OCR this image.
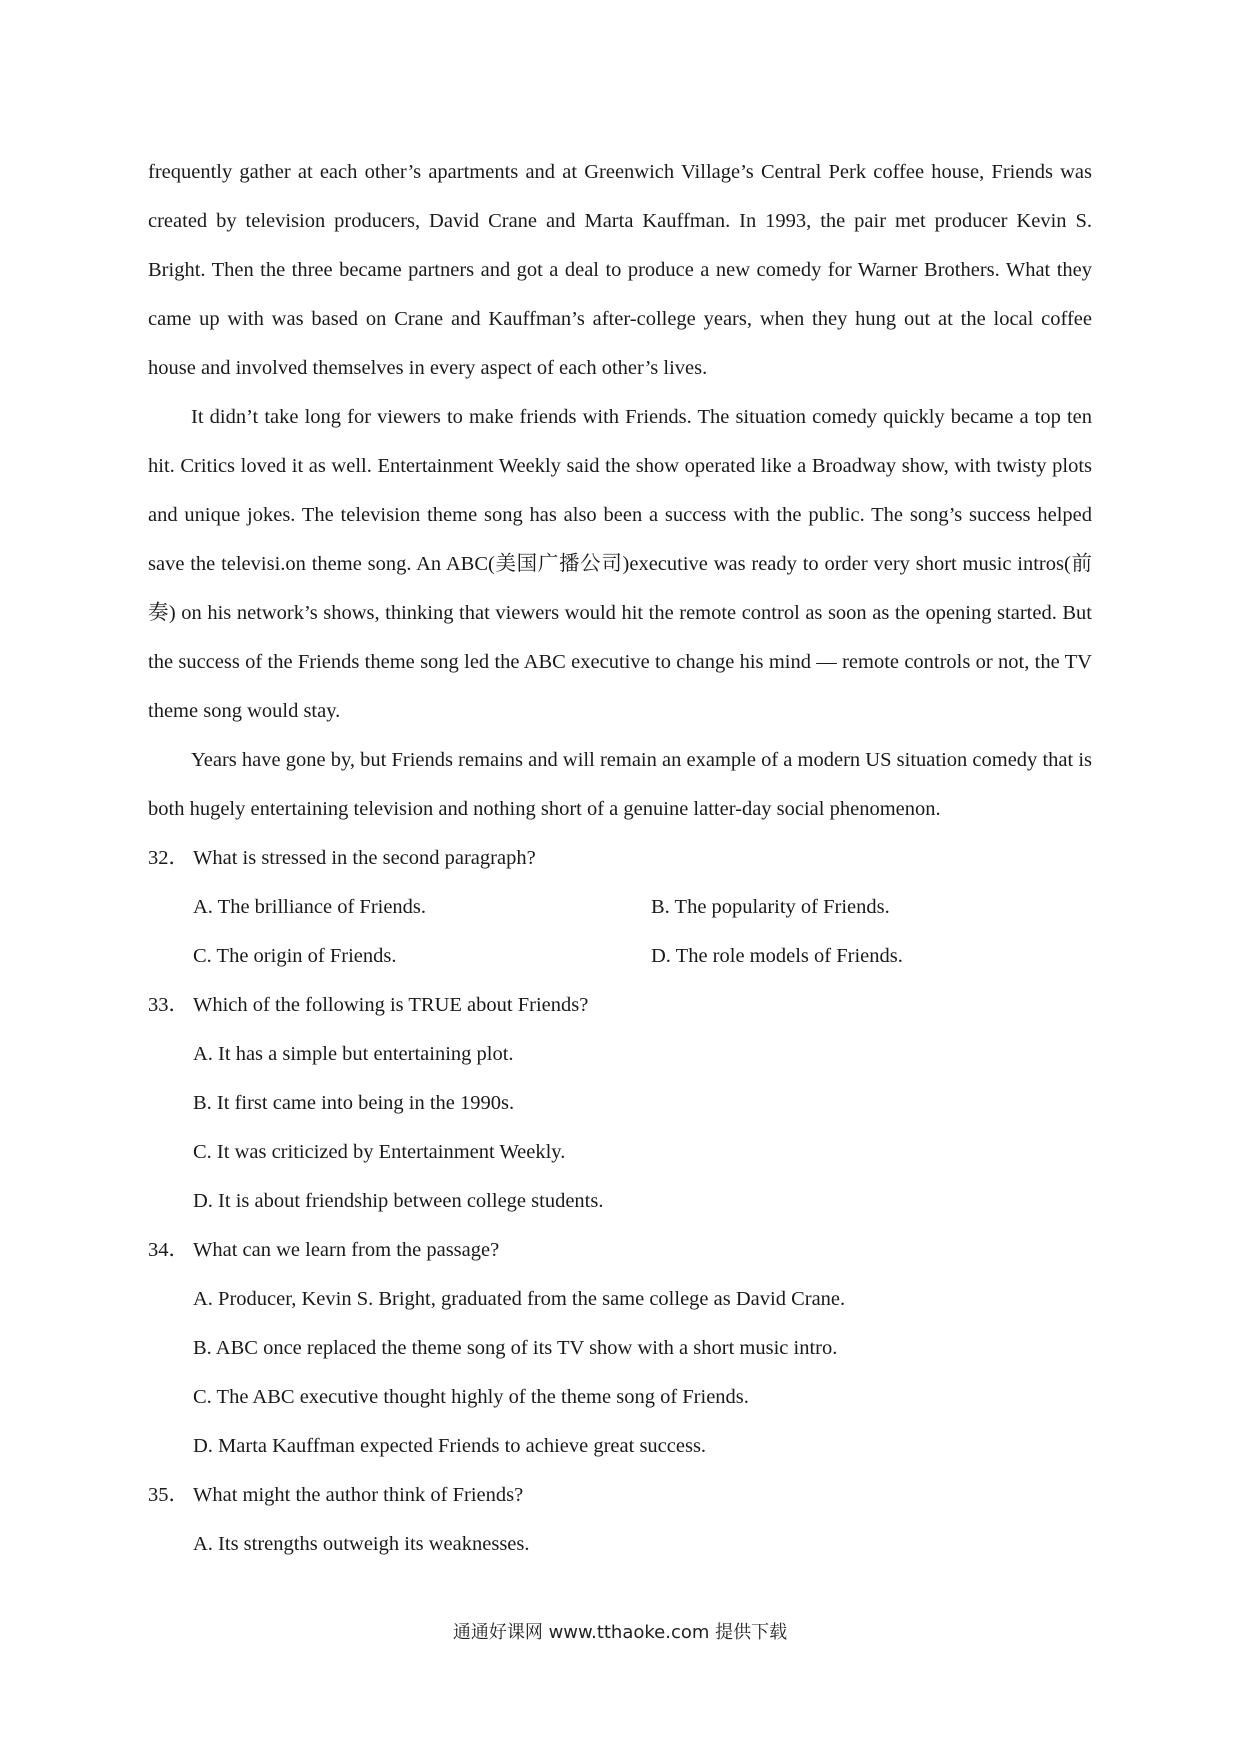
frequently gather at each other’s apartments and at Greenwich Village’s Central Perk coffee house, Friends was created by television producers, David Crane and Marta Kauffman. In 1993, the pair met producer Kevin S. Bright. Then the three became partners and got a deal to produce a new comedy for Warner Brothers. What they came up with was based on Crane and Kauffman’s after-college years, when they hung out at the local coffee house and involved themselves in every aspect of each other’s lives.

It didn’t take long for viewers to make friends with Friends. The situation comedy quickly became a top ten hit. Critics loved it as well. Entertainment Weekly said the show operated like a Broadway show, with twisty plots and unique jokes. The television theme song has also been a success with the public. The song’s success helped save the televisi.on theme song. An ABC(美国广播公司)executive was ready to order very short music intros(前奏) on his network’s shows, thinking that viewers would hit the remote control as soon as the opening started. But the success of the Friends theme song led the ABC executive to change his mind — remote controls or not, the TV theme song would stay.

Years have gone by, but Friends remains and will remain an example of a modern US situation comedy that is both hugely entertaining television and nothing short of a genuine latter-day social phenomenon.

32． What is stressed in the second paragraph?
A. The brilliance of Friends.	B. The popularity of Friends.
C. The origin of Friends.	D. The role models of Friends.
33． Which of the following is TRUE about Friends?
A. It has a simple but entertaining plot.
B. It first came into being in the 1990s.
C. It was criticized by Entertainment Weekly.
D. It is about friendship between college students.
34． What can we learn from the passage?
A. Producer, Kevin S. Bright, graduated from the same college as David Crane.
B. ABC once replaced the theme song of its TV show with a short music intro.
C. The ABC executive thought highly of the theme song of Friends.
D. Marta Kauffman expected Friends to achieve great success.
35． What might the author think of Friends?
A. Its strengths outweigh its weaknesses.
通通好课网 www.tthaoke.com 提供下载
